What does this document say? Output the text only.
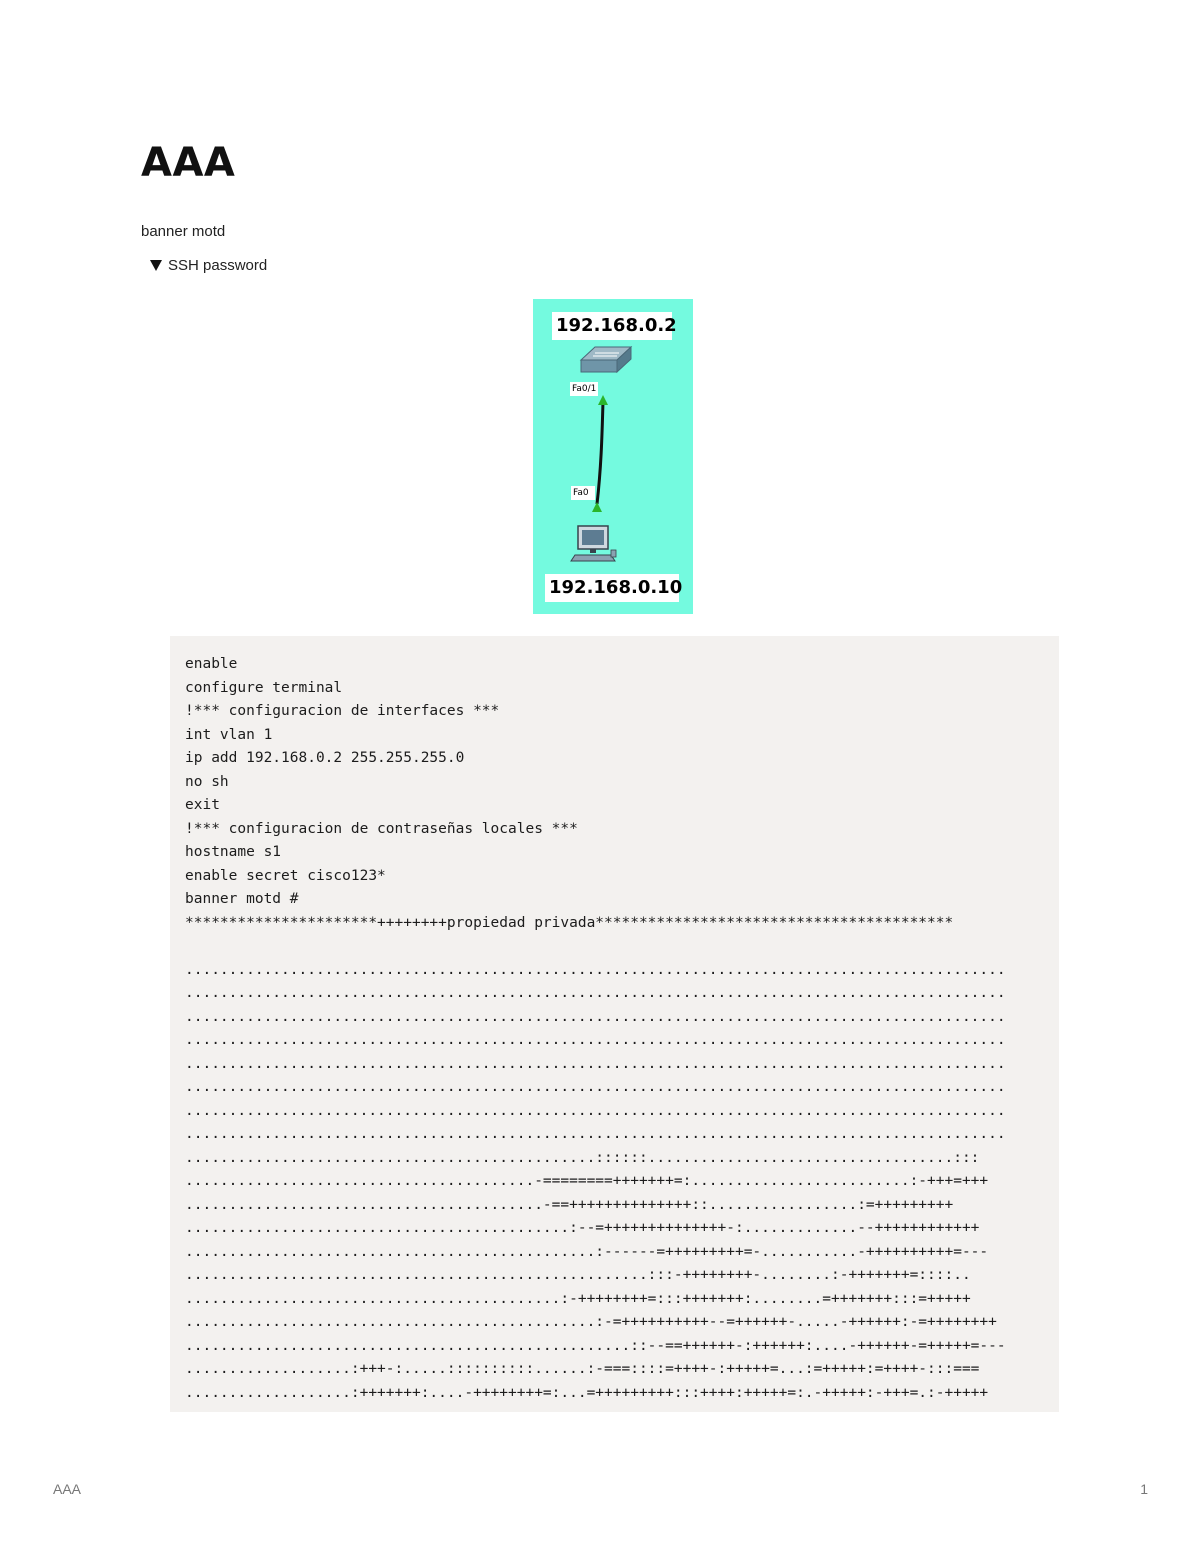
AAA
banner motd
SSH password
192.168.0.2
Fa0/1
Fa0
192.168.0.10
enable
configure terminal
!*** configuracion de interfaces ***
int vlan 1
ip add 192.168.0.2 255.255.255.0
no sh
exit
!*** configuracion de contraseñas locales ***
hostname s1
enable secret cisco123*
banner motd #
**********************++++++++propiedad privada*****************************************

..............................................................................................
..............................................................................................
..............................................................................................
..............................................................................................
..............................................................................................
..............................................................................................
..............................................................................................
..............................................................................................
...............................................::::::...................................:::
........................................-========+++++++=:.........................:-+++=+++
.........................................-==++++++++++++++::.................:=+++++++++
............................................:--=++++++++++++++-:.............--++++++++++++
...............................................:------=+++++++++=-...........-++++++++++=---
.....................................................:::-++++++++-........:-+++++++=::::..
...........................................:-++++++++=:::+++++++:........=+++++++:::=+++++
...............................................:-=++++++++++--=++++++-.....-++++++:-=++++++++
...................................................::--==++++++-:++++++:....-++++++-=+++++=---
...................:+++-:.....::::::::::......:-===::::=++++-:+++++=...:=+++++:=++++-:::===
...................:+++++++:....-++++++++=:...=+++++++++:::++++:+++++=:.-+++++:-+++=.:-+++++

AAA	1
